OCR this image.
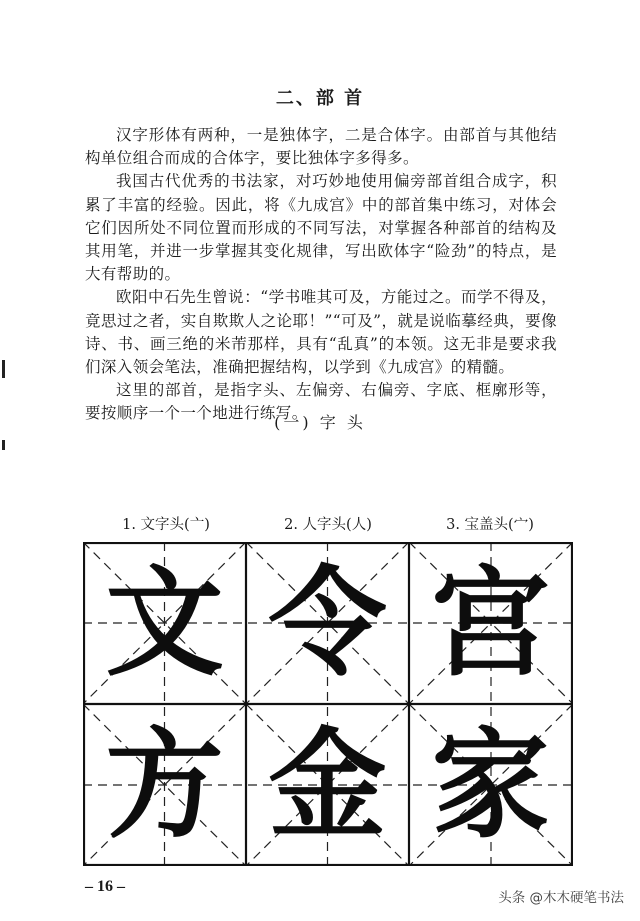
二、部 首

汉字形体有两种，一是独体字，二是合体字。由部首与其他结构单位组合而成的合体字，要比独体字多得多。

我国古代优秀的书法家，对巧妙地使用偏旁部首组合成字，积累了丰富的经验。因此，将《九成宫》中的部首集中练习，对体会它们因所处不同位置而形成的不同写法，对掌握各种部首的结构及其用笔，并进一步掌握其变化规律，写出欧体字“险劲”的特点，是大有帮助的。

欧阳中石先生曾说：“学书唯其可及，方能过之。而学不得及，竟思过之者，实自欺欺人之论耶！”“可及”，就是说临摹经典，要像诗、书、画三绝的米芾那样，具有“乱真”的本领。这无非是要求我们深入领会笔法，准确把握结构，以学到《九成宫》的精髓。

这里的部首，是指字头、左偏旁、右偏旁、字底、框廓形等，要按顺序一个一个地进行练写。

(一) 字 头
1. 文字头(亠)	2. 人字头(人)	3. 宝盖头(宀)
文 令 宫
方 金 家
– 16 –
头条 @木木硬笔书法
